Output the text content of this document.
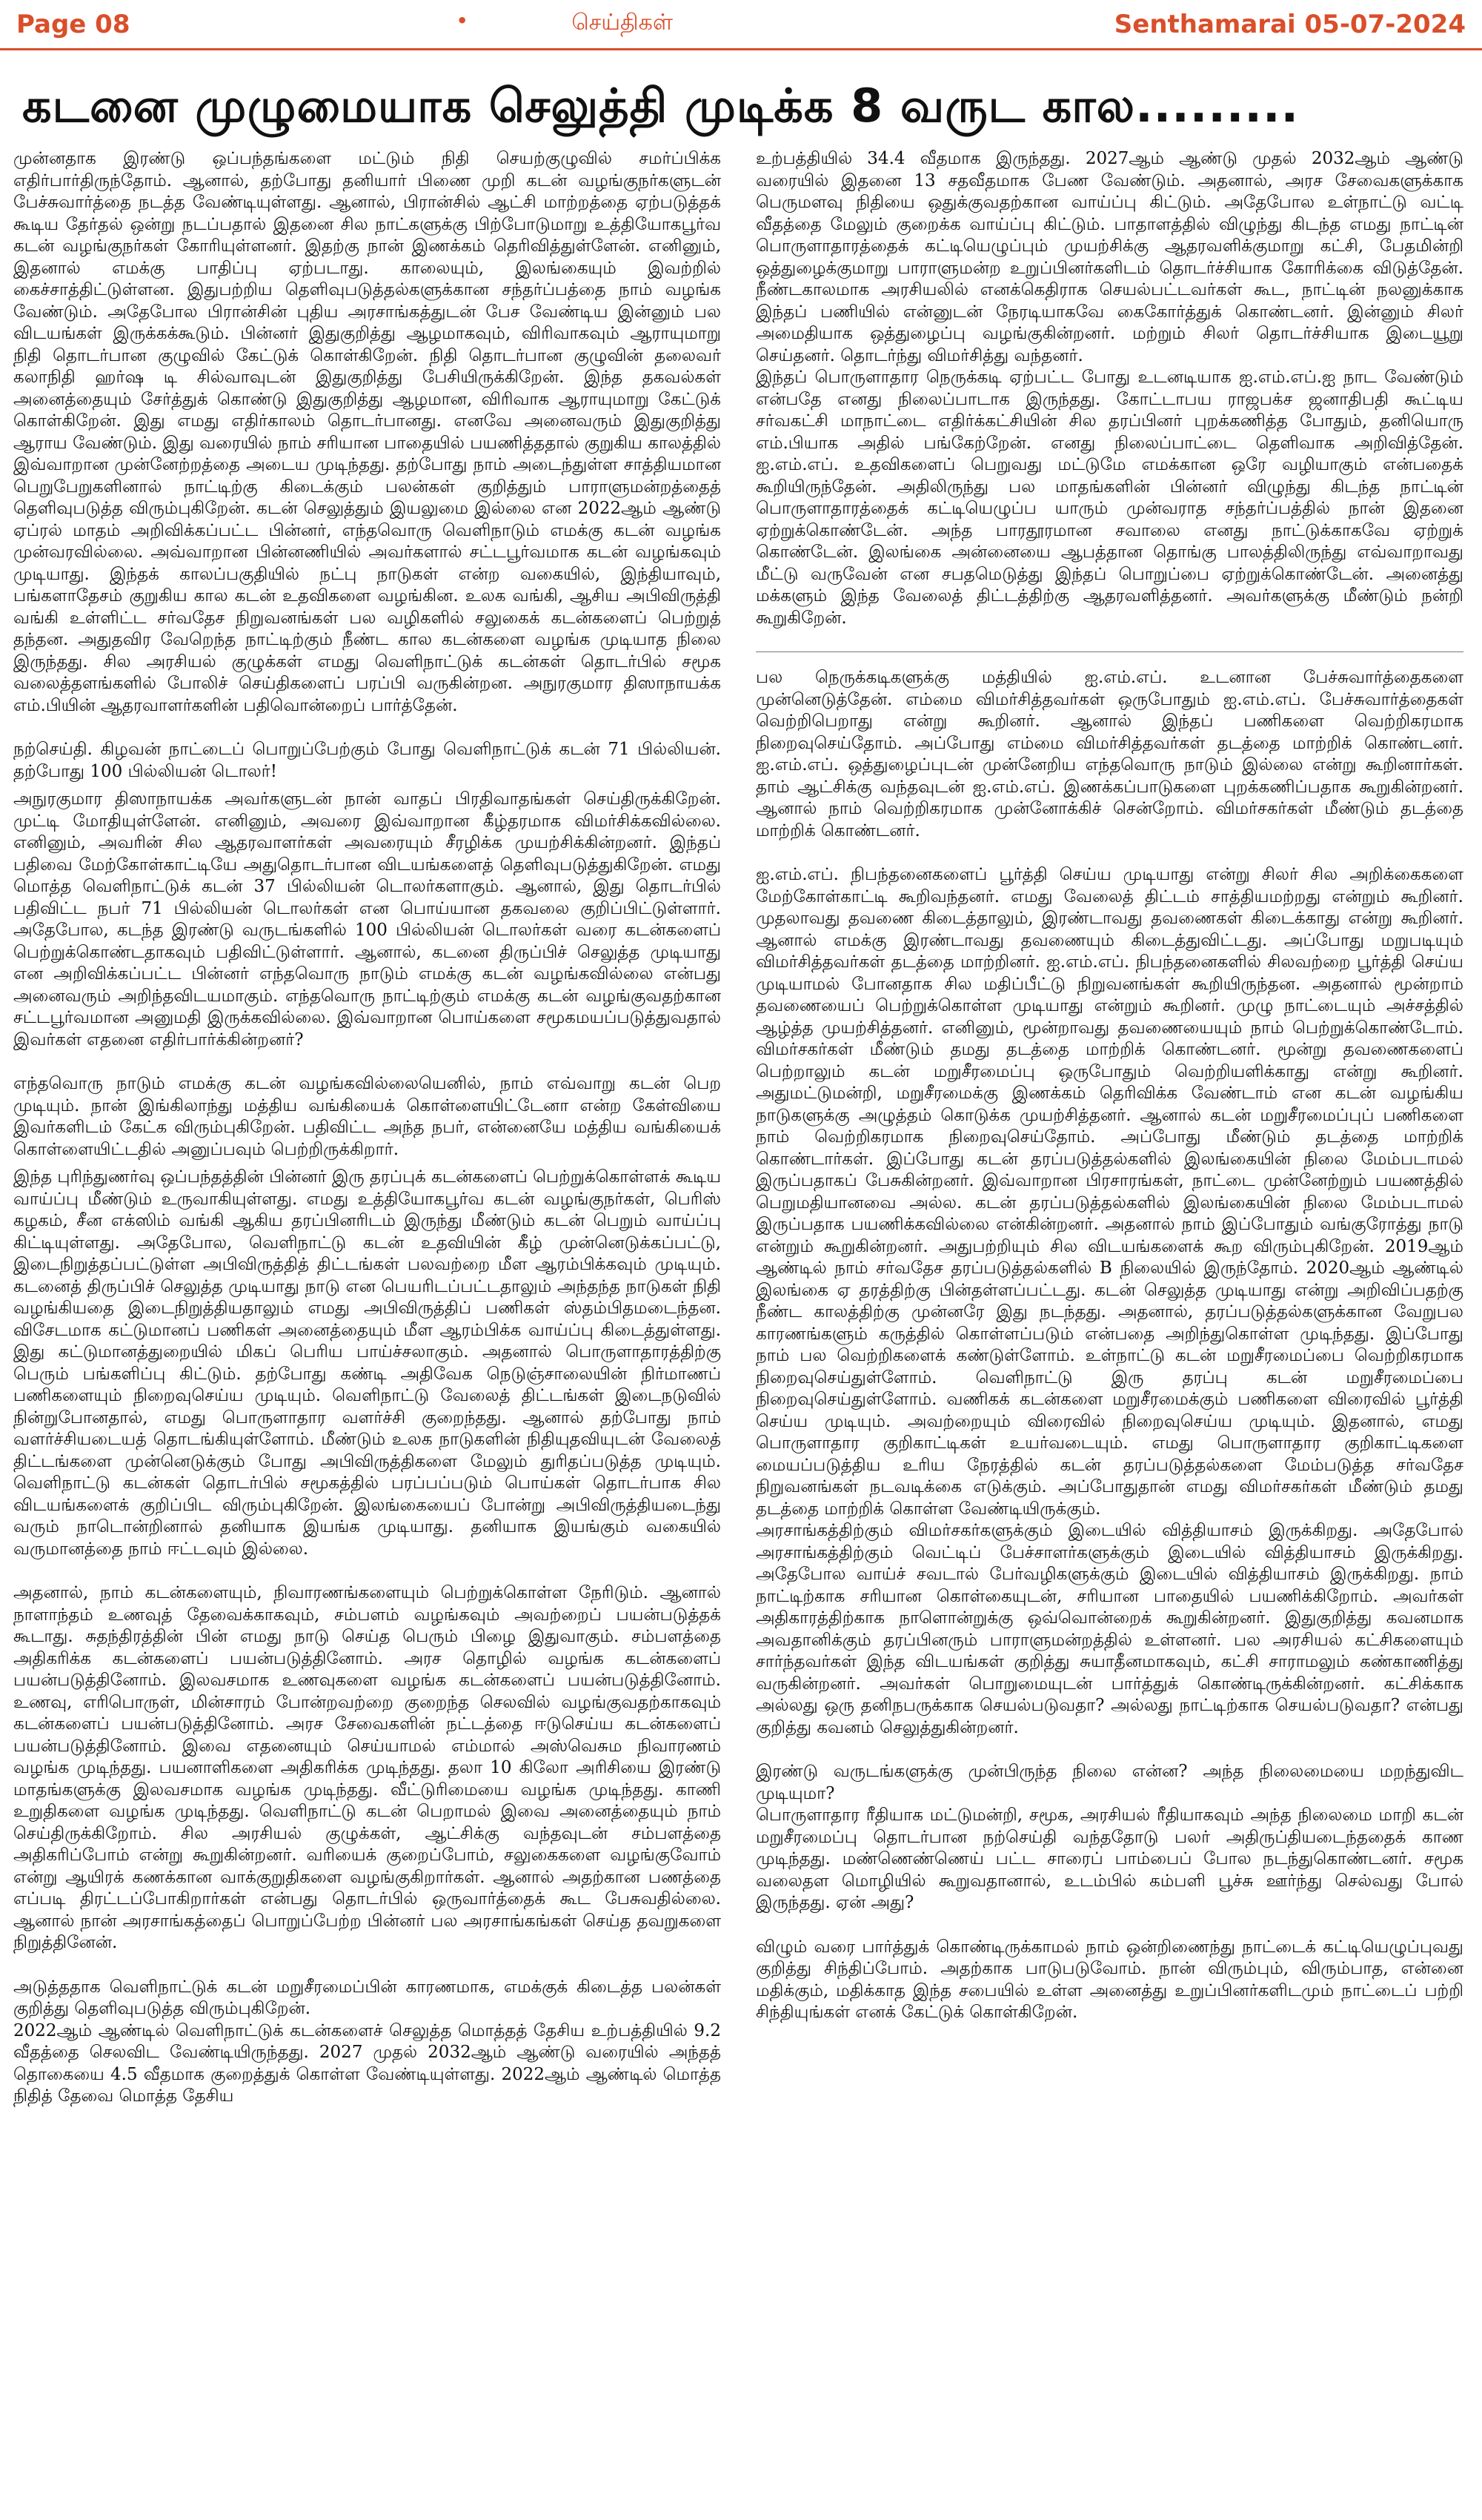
Page 08	•	செய்திகள்	Senthamarai 05-07-2024
கடனை முழுமையாக செலுத்தி முடிக்க 8 வருட கால.........

முன்னதாக இரண்டு ஒப்பந்தங்களை மட்டும் நிதி செயற்குழுவில் சமர்ப்பிக்க எதிர்பார்திருந்தோம். ஆனால், தற்போது தனியார் பிணை முறி கடன் வழங்குநர்களுடன் பேச்சுவார்த்தை நடத்த வேண்டியுள்ளது. ஆனால், பிரான்சில் ஆட்சி மாற்றத்தை ஏற்படுத்தக் கூடிய தேர்தல் ஒன்று நடப்பதால் இதனை சில நாட்களுக்கு பிற்போடுமாறு உத்தியோகபூர்வ கடன் வழங்குநர்கள் கோரியுள்ளனர். இதற்கு நான் இணக்கம் தெரிவித்துள்ளேன். எனினும், இதனால் எமக்கு பாதிப்பு ஏற்படாது. காலையும், இலங்கையும் இவற்றில் கைச்சாத்திட்டுள்ளன. இதுபற்றிய தெளிவுபடுத்தல்களுக்கான சந்தர்ப்பத்தை நாம் வழங்க வேண்டும். அதேபோல பிரான்சின் புதிய அரசாங்கத்துடன் பேச வேண்டிய இன்னும் பல விடயங்கள் இருக்கக்கூடும். பின்னர் இதுகுறித்து ஆழமாகவும், விரிவாகவும் ஆராயுமாறு நிதி தொடர்பான குழுவில் கேட்டுக் கொள்கிறேன். நிதி தொடர்பான குழுவின் தலைவர் கலாநிதி ஹர்ஷ டி சில்வாவுடன் இதுகுறித்து பேசியிருக்கிறேன். இந்த தகவல்கள் அனைத்தையும் சேர்த்துக் கொண்டு இதுகுறித்து ஆழமான, விரிவாக ஆராயுமாறு கேட்டுக் கொள்கிறேன். இது எமது எதிர்காலம் தொடர்பானது. எனவே அனைவரும் இதுகுறித்து ஆராய வேண்டும். இது வரையில் நாம் சரியான பாதையில் பயணித்ததால் குறுகிய காலத்தில் இவ்வாறான முன்னேற்றத்தை அடைய முடிந்தது. தற்போது நாம் அடைந்துள்ள சாத்தியமான பெறுபேறுகளினால் நாட்டிற்கு கிடைக்கும் பலன்கள் குறித்தும் பாராளுமன்றத்தைத் தெளிவுபடுத்த விரும்புகிறேன். கடன் செலுத்தும் இயலுமை இல்லை என 2022ஆம் ஆண்டு ஏப்ரல் மாதம் அறிவிக்கப்பட்ட பின்னர், எந்தவொரு வெளிநாடும் எமக்கு கடன் வழங்க முன்வரவில்லை. அவ்வாறான பின்னணியில் அவர்களால் சட்டபூர்வமாக கடன் வழங்கவும் முடியாது. இந்தக் காலப்பகுதியில் நட்பு நாடுகள் என்ற வகையில், இந்தியாவும், பங்களாதேசம் குறுகிய கால கடன் உதவிகளை வழங்கின. உலக வங்கி, ஆசிய அபிவிருத்தி வங்கி உள்ளிட்ட சர்வதேச நிறுவனங்கள் பல வழிகளில் சலுகைக் கடன்களைப் பெற்றுத் தந்தன. அதுதவிர வேறெந்த நாட்டிற்கும் நீண்ட கால கடன்களை வழங்க முடியாத நிலை இருந்தது. சில அரசியல் குழுக்கள் எமது வெளிநாட்டுக் கடன்கள் தொடர்பில் சமூக வலைத்தளங்களில் போலிச் செய்திகளைப் பரப்பி வருகின்றன. அநுரகுமார திஸாநாயக்க எம்.பியின் ஆதரவாளர்களின் பதிவொன்றைப் பார்த்தேன்.

நற்செய்தி. கிழவன் நாட்டைப் பொறுப்பேற்கும் போது வெளிநாட்டுக் கடன் 71 பில்லியன். தற்போது 100 பில்லியன் டொலர்!

அநுரகுமார திஸாநாயக்க அவர்களுடன் நான் வாதப் பிரதிவாதங்கள் செய்திருக்கிறேன். முட்டி மோதியுள்ளேன். எனினும், அவரை இவ்வாறான கீழ்தரமாக விமர்சிக்கவில்லை. எனினும், அவரின் சில ஆதரவாளர்கள் அவரையும் சீரழிக்க முயற்சிக்கின்றனர். இந்தப் பதிவை மேற்கோள்காட்டியே அதுதொடர்பான விடயங்களைத் தெளிவுபடுத்துகிறேன். எமது மொத்த வெளிநாட்டுக் கடன் 37 பில்லியன் டொலர்களாகும். ஆனால், இது தொடர்பில் பதிவிட்ட நபர் 71 பில்லியன் டொலர்கள் என பொய்யான தகவலை குறிப்பிட்டுள்ளார். அதேபோல, கடந்த இரண்டு வருடங்களில் 100 பில்லியன் டொலர்கள் வரை கடன்களைப் பெற்றுக்கொண்டதாகவும் பதிவிட்டுள்ளார். ஆனால், கடனை திருப்பிச் செலுத்த முடியாது என அறிவிக்கப்பட்ட பின்னர் எந்தவொரு நாடும் எமக்கு கடன் வழங்கவில்லை என்பது அனைவரும் அறிந்தவிடயமாகும். எந்தவொரு நாட்டிற்கும் எமக்கு கடன் வழங்குவதற்கான சட்டபூர்வமான அனுமதி இருக்கவில்லை. இவ்வாறான பொய்களை சமூகமயப்படுத்துவதால் இவர்கள் எதனை எதிர்பார்க்கின்றனர்?

எந்தவொரு நாடும் எமக்கு கடன் வழங்கவில்லையெனில், நாம் எவ்வாறு கடன் பெற முடியும். நான் இங்கிலாந்து மத்திய வங்கியைக் கொள்ளையிட்டேனா என்ற கேள்வியை இவர்களிடம் கேட்க விரும்புகிறேன். பதிவிட்ட அந்த நபர், என்னையே மத்திய வங்கியைக் கொள்ளையிட்டதில் அனுப்பவும் பெற்றிருக்கிறார்.

இந்த புரிந்துணர்வு ஒப்பந்தத்தின் பின்னர் இரு தரப்புக் கடன்களைப் பெற்றுக்கொள்ளக் கூடிய வாய்ப்பு மீண்டும் உருவாகியுள்ளது. எமது உத்தியோகபூர்வ கடன் வழங்குநர்கள், பெரிஸ் கழகம், சீன எக்ஸிம் வங்கி ஆகிய தரப்பினரிடம் இருந்து மீண்டும் கடன் பெறும் வாய்ப்பு கிட்டியுள்ளது. அதேபோல, வெளிநாட்டு கடன் உதவியின் கீழ் முன்னெடுக்கப்பட்டு, இடைநிறுத்தப்பட்டுள்ள அபிவிருத்தித் திட்டங்கள் பலவற்றை மீள ஆரம்பிக்கவும் முடியும். கடனைத் திருப்பிச் செலுத்த முடியாது நாடு என பெயரிடப்பட்டதாலும் அந்தந்த நாடுகள் நிதி வழங்கியதை இடைநிறுத்தியதாலும் எமது அபிவிருத்திப் பணிகள் ஸ்தம்பிதமடைந்தன. விசேடமாக கட்டுமானப் பணிகள் அனைத்தையும் மீள ஆரம்பிக்க வாய்ப்பு கிடைத்துள்ளது. இது கட்டுமானத்துறையில் மிகப் பெரிய பாய்ச்சலாகும். அதனால் பொருளாதாரத்திற்கு பெரும் பங்களிப்பு கிட்டும். தற்போது கண்டி அதிவேக நெடுஞ்சாலையின் நிர்மாணப் பணிகளையும் நிறைவுசெய்ய முடியும். வெளிநாட்டு வேலைத் திட்டங்கள் இடைநடுவில் நின்றுபோனதால், எமது பொருளாதார வளர்ச்சி குறைந்தது. ஆனால் தற்போது நாம் வளர்ச்சியடையத் தொடங்கியுள்ளோம். மீண்டும் உலக நாடுகளின் நிதியுதவியுடன் வேலைத் திட்டங்களை முன்னெடுக்கும் போது அபிவிருத்திகளை மேலும் துரிதப்படுத்த முடியும். வெளிநாட்டு கடன்கள் தொடர்பில் சமூகத்தில் பரப்பப்படும் பொய்கள் தொடர்பாக சில விடயங்களைக் குறிப்பிட விரும்புகிறேன். இலங்கையைப் போன்று அபிவிருத்தியடைந்து வரும் நாடொன்றினால் தனியாக இயங்க முடியாது. தனியாக இயங்கும் வகையில் வருமானத்தை நாம் ஈட்டவும் இல்லை.

அதனால், நாம் கடன்களையும், நிவாரணங்களையும் பெற்றுக்கொள்ள நேரிடும். ஆனால் நாளாந்தம் உணவுத் தேவைக்காகவும், சம்பளம் வழங்கவும் அவற்றைப் பயன்படுத்தக் கூடாது. சுதந்திரத்தின் பின் எமது நாடு செய்த பெரும் பிழை இதுவாகும். சம்பளத்தை அதிகரிக்க கடன்களைப் பயன்படுத்தினோம். அரச தொழில் வழங்க கடன்களைப் பயன்படுத்தினோம். இலவசமாக உணவுகளை வழங்க கடன்களைப் பயன்படுத்தினோம். உணவு, எரிபொருள், மின்சாரம் போன்றவற்றை குறைந்த செலவில் வழங்குவதற்காகவும் கடன்களைப் பயன்படுத்தினோம். அரச சேவைகளின் நட்டத்தை ஈடுசெய்ய கடன்களைப் பயன்படுத்தினோம். இவை எதனையும் செய்யாமல் எம்மால் அஸ்வெசும நிவாரணம் வழங்க முடிந்தது. பயனாளிகளை அதிகரிக்க முடிந்தது. தலா 10 கிலோ அரிசியை இரண்டு மாதங்களுக்கு இலவசமாக வழங்க முடிந்தது. வீட்டுரிமையை வழங்க முடிந்தது. காணி உறுதிகளை வழங்க முடிந்தது. வெளிநாட்டு கடன் பெறாமல் இவை அனைத்தையும் நாம் செய்திருக்கிறோம். சில அரசியல் குழுக்கள், ஆட்சிக்கு வந்தவுடன் சம்பளத்தை அதிகரிப்போம் என்று கூறுகின்றனர். வரியைக் குறைப்போம், சலுகைகளை வழங்குவோம் என்று ஆயிரக் கணக்கான வாக்குறுதிகளை வழங்குகிறார்கள். ஆனால் அதற்கான பணத்தை எப்படி திரட்டப்போகிறார்கள் என்பது தொடர்பில் ஒருவார்த்தைக் கூட பேசுவதில்லை. ஆனால் நான் அரசாங்கத்தைப் பொறுப்பேற்ற பின்னர் பல அரசாங்கங்கள் செய்த தவறுகளை நிறுத்தினேன்.

அடுத்ததாக வெளிநாட்டுக் கடன் மறுசீரமைப்பின் காரணமாக, எமக்குக் கிடைத்த பலன்கள் குறித்து தெளிவுபடுத்த விரும்புகிறேன்.
2022ஆம் ஆண்டில் வெளிநாட்டுக் கடன்களைச் செலுத்த மொத்தத் தேசிய உற்பத்தியில் 9.2 வீதத்தை செலவிட வேண்டியிருந்தது. 2027 முதல் 2032ஆம் ஆண்டு வரையில் அந்தத் தொகையை 4.5 வீதமாக குறைத்துக் கொள்ள வேண்டியுள்ளது. 2022ஆம் ஆண்டில் மொத்த நிதித் தேவை மொத்த தேசிய

உற்பத்தியில் 34.4 வீதமாக இருந்தது. 2027ஆம் ஆண்டு முதல் 2032ஆம் ஆண்டு வரையில் இதனை 13 சதவீதமாக பேண வேண்டும். அதனால், அரச சேவைகளுக்காக பெருமளவு நிதியை ஒதுக்குவதற்கான வாய்ப்பு கிட்டும். அதேபோல உள்நாட்டு வட்டி வீதத்தை மேலும் குறைக்க வாய்ப்பு கிட்டும். பாதாளத்தில் விழுந்து கிடந்த எமது நாட்டின் பொருளாதாரத்தைக் கட்டியெழுப்பும் முயற்சிக்கு ஆதரவளிக்குமாறு கட்சி, பேதமின்றி ஒத்துழைக்குமாறு பாராளுமன்ற உறுப்பினர்களிடம் தொடர்ச்சியாக கோரிக்கை விடுத்தேன். நீண்டகாலமாக அரசியலில் எனக்கெதிராக செயல்பட்டவர்கள் கூட, நாட்டின் நலனுக்காக இந்தப் பணியில் என்னுடன் நேரடியாகவே கைகோர்த்துக் கொண்டனர். இன்னும் சிலர் அமைதியாக ஒத்துழைப்பு வழங்குகின்றனர். மற்றும் சிலர் தொடர்ச்சியாக இடையூறு செய்தனர். தொடர்ந்து விமர்சித்து வந்தனர்.
இந்தப் பொருளாதார நெருக்கடி ஏற்பட்ட போது உடனடியாக ஐ.எம்.எப்.ஐ நாட வேண்டும் என்பதே எனது நிலைப்பாடாக இருந்தது. கோட்டாபய ராஜபக்ச ஜனாதிபதி கூட்டிய சர்வகட்சி மாநாட்டை எதிர்க்கட்சியின் சில தரப்பினர் புறக்கணித்த போதும், தனியொரு எம்.பியாக அதில் பங்கேற்றேன். எனது நிலைப்பாட்டை தெளிவாக அறிவித்தேன். ஐ.எம்.எப். உதவிகளைப் பெறுவது மட்டுமே எமக்கான ஒரே வழியாகும் என்பதைக் கூறியிருந்தேன். அதிலிருந்து பல மாதங்களின் பின்னர் விழுந்து கிடந்த நாட்டின் பொருளாதாரத்தைக் கட்டியெழுப்ப யாரும் முன்வராத சந்தர்ப்பத்தில் நான் இதனை ஏற்றுக்கொண்டேன். அந்த பாரதூரமான சவாலை எனது நாட்டுக்காகவே ஏற்றுக் கொண்டேன். இலங்கை அன்னையை ஆபத்தான தொங்கு பாலத்திலிருந்து எவ்வாறாவது மீட்டு வருவேன் என சபதமெடுத்து இந்தப் பொறுப்பை ஏற்றுக்கொண்டேன். அனைத்து மக்களும் இந்த வேலைத் திட்டத்திற்கு ஆதரவளித்தனர். அவர்களுக்கு மீண்டும் நன்றி கூறுகிறேன்.

பல நெருக்கடிகளுக்கு மத்தியில் ஐ.எம்.எப். உடனான பேச்சுவார்த்தைகளை முன்னெடுத்தேன். எம்மை விமர்சித்தவர்கள் ஒருபோதும் ஐ.எம்.எப். பேச்சுவார்த்தைகள் வெற்றிபெறாது என்று கூறினர். ஆனால் இந்தப் பணிகளை வெற்றிகரமாக நிறைவுசெய்தோம். அப்போது எம்மை விமர்சித்தவர்கள் தடத்தை மாற்றிக் கொண்டனர். ஐ.எம்.எப். ஒத்துழைப்புடன் முன்னேறிய எந்தவொரு நாடும் இல்லை என்று கூறினார்கள். தாம் ஆட்சிக்கு வந்தவுடன் ஐ.எம்.எப். இணக்கப்பாடுகளை புறக்கணிப்பதாக கூறுகின்றனர். ஆனால் நாம் வெற்றிகரமாக முன்னோக்கிச் சென்றோம். விமர்சகர்கள் மீண்டும் தடத்தை மாற்றிக் கொண்டனர்.

ஐ.எம்.எப். நிபந்தனைகளைப் பூர்த்தி செய்ய முடியாது என்று சிலர் சில அறிக்கைகளை மேற்கோள்காட்டி கூறிவந்தனர். எமது வேலைத் திட்டம் சாத்தியமற்றது என்றும் கூறினர். முதலாவது தவணை கிடைத்தாலும், இரண்டாவது தவணைகள் கிடைக்காது என்று கூறினர். ஆனால் எமக்கு இரண்டாவது தவணையும் கிடைத்துவிட்டது. அப்போது மறுபடியும் விமர்சித்தவர்கள் தடத்தை மாற்றினர். ஐ.எம்.எப். நிபந்தனைகளில் சிலவற்றை பூர்த்தி செய்ய முடியாமல் போனதாக சில மதிப்பீட்டு நிறுவனங்கள் கூறியிருந்தன. அதனால் மூன்றாம் தவணையைப் பெற்றுக்கொள்ள முடியாது என்றும் கூறினர். முழு நாட்டையும் அச்சத்தில் ஆழ்த்த முயற்சித்தனர். எனினும், மூன்றாவது தவணையையும் நாம் பெற்றுக்கொண்டோம். விமர்சகர்கள் மீண்டும் தமது தடத்தை மாற்றிக் கொண்டனர். மூன்று தவணைகளைப் பெற்றாலும் கடன் மறுசீரமைப்பு ஒருபோதும் வெற்றியளிக்காது என்று கூறினர். அதுமட்டுமன்றி, மறுசீரமைக்கு இணக்கம் தெரிவிக்க வேண்டாம் என கடன் வழங்கிய நாடுகளுக்கு அழுத்தம் கொடுக்க முயற்சித்தனர். ஆனால் கடன் மறுசீரமைப்புப் பணிகளை நாம் வெற்றிகரமாக நிறைவுசெய்தோம். அப்போது மீண்டும் தடத்தை மாற்றிக் கொண்டார்கள். இப்போது கடன் தரப்படுத்தல்களில் இலங்கையின் நிலை மேம்படாமல் இருப்பதாகப் பேசுகின்றனர். இவ்வாறான பிரசாரங்கள், நாட்டை முன்னேற்றும் பயணத்தில் பெறுமதியானவை அல்ல. கடன் தரப்படுத்தல்களில் இலங்கையின் நிலை மேம்படாமல் இருப்பதாக பயணிக்கவில்லை என்கின்றனர். அதனால் நாம் இப்போதும் வங்குரோத்து நாடு என்றும் கூறுகின்றனர். அதுபற்றியும் சில விடயங்களைக் கூற விரும்புகிறேன். 2019ஆம் ஆண்டில் நாம் சர்வதேச தரப்படுத்தல்களில் B நிலையில் இருந்தோம். 2020ஆம் ஆண்டில் இலங்கை ஏ தரத்திற்கு பின்தள்ளப்பட்டது. கடன் செலுத்த முடியாது என்று அறிவிப்பதற்கு நீண்ட காலத்திற்கு முன்னரே இது நடந்தது. அதனால், தரப்படுத்தல்களுக்கான வேறுபல காரணங்களும் கருத்தில் கொள்ளப்படும் என்பதை அறிந்துகொள்ள முடிந்தது. இப்போது நாம் பல வெற்றிகளைக் கண்டுள்ளோம். உள்நாட்டு கடன் மறுசீரமைப்பை வெற்றிகரமாக நிறைவுசெய்துள்ளோம். வெளிநாட்டு இரு தரப்பு கடன் மறுசீரமைப்பை நிறைவுசெய்துள்ளோம். வணிகக் கடன்களை மறுசீரமைக்கும் பணிகளை விரைவில் பூர்த்தி செய்ய முடியும். அவற்றையும் விரைவில் நிறைவுசெய்ய முடியும். இதனால், எமது பொருளாதார குறிகாட்டிகள் உயர்வடையும். எமது பொருளாதார குறிகாட்டிகளை மையப்படுத்திய உரிய நேரத்தில் கடன் தரப்படுத்தல்களை மேம்படுத்த சர்வதேச நிறுவனங்கள் நடவடிக்கை எடுக்கும். அப்போதுதான் எமது விமர்சகர்கள் மீண்டும் தமது தடத்தை மாற்றிக் கொள்ள வேண்டியிருக்கும்.
அரசாங்கத்திற்கும் விமர்சகர்களுக்கும் இடையில் வித்தியாசம் இருக்கிறது. அதேபோல் அரசாங்கத்திற்கும் வெட்டிப் பேச்சாளர்களுக்கும் இடையில் வித்தியாசம் இருக்கிறது. அதேபோல வாய்ச் சவடால் பேர்வழிகளுக்கும் இடையில் வித்தியாசம் இருக்கிறது. நாம் நாட்டிற்காக சரியான கொள்கையுடன், சரியான பாதையில் பயணிக்கிறோம். அவர்கள் அதிகாரத்திற்காக நாளொன்றுக்கு ஒவ்வொன்றைக் கூறுகின்றனர். இதுகுறித்து கவனமாக அவதானிக்கும் தரப்பினரும் பாராளுமன்றத்தில் உள்ளனர். பல அரசியல் கட்சிகளையும் சார்ந்தவர்கள் இந்த விடயங்கள் குறித்து சுயாதீனமாகவும், கட்சி சாராமலும் கண்காணித்து வருகின்றனர். அவர்கள் பொறுமையுடன் பார்த்துக் கொண்டிருக்கின்றனர். கட்சிக்காக அல்லது ஒரு தனிநபருக்காக செயல்படுவதா? அல்லது நாட்டிற்காக செயல்படுவதா? என்பது குறித்து கவனம் செலுத்துகின்றனர்.

இரண்டு வருடங்களுக்கு முன்பிருந்த நிலை என்ன? அந்த நிலைமையை மறந்துவிட முடியுமா?
பொருளாதார ரீதியாக மட்டுமன்றி, சமூக, அரசியல் ரீதியாகவும் அந்த நிலைமை மாறி கடன் மறுசீரமைப்பு தொடர்பான நற்செய்தி வந்ததோடு பலர் அதிருப்தியடைந்ததைக் காண முடிந்தது. மண்ணெண்ணெய் பட்ட சாரைப் பாம்பைப் போல நடந்துகொண்டனர். சமூக வலைதள மொழியில் கூறுவதானால், உடம்பில் கம்பளி பூச்சு ஊர்ந்து செல்வது போல் இருந்தது. ஏன் அது?

விழும் வரை பார்த்துக் கொண்டிருக்காமல் நாம் ஒன்றிணைந்து நாட்டைக் கட்டியெழுப்புவது குறித்து சிந்திப்போம். அதற்காக பாடுபடுவோம். நான் விரும்பும், விரும்பாத, என்னை மதிக்கும், மதிக்காத இந்த சபையில் உள்ள அனைத்து உறுப்பினர்களிடமும் நாட்டைப் பற்றி சிந்தியுங்கள் எனக் கேட்டுக் கொள்கிறேன்.
